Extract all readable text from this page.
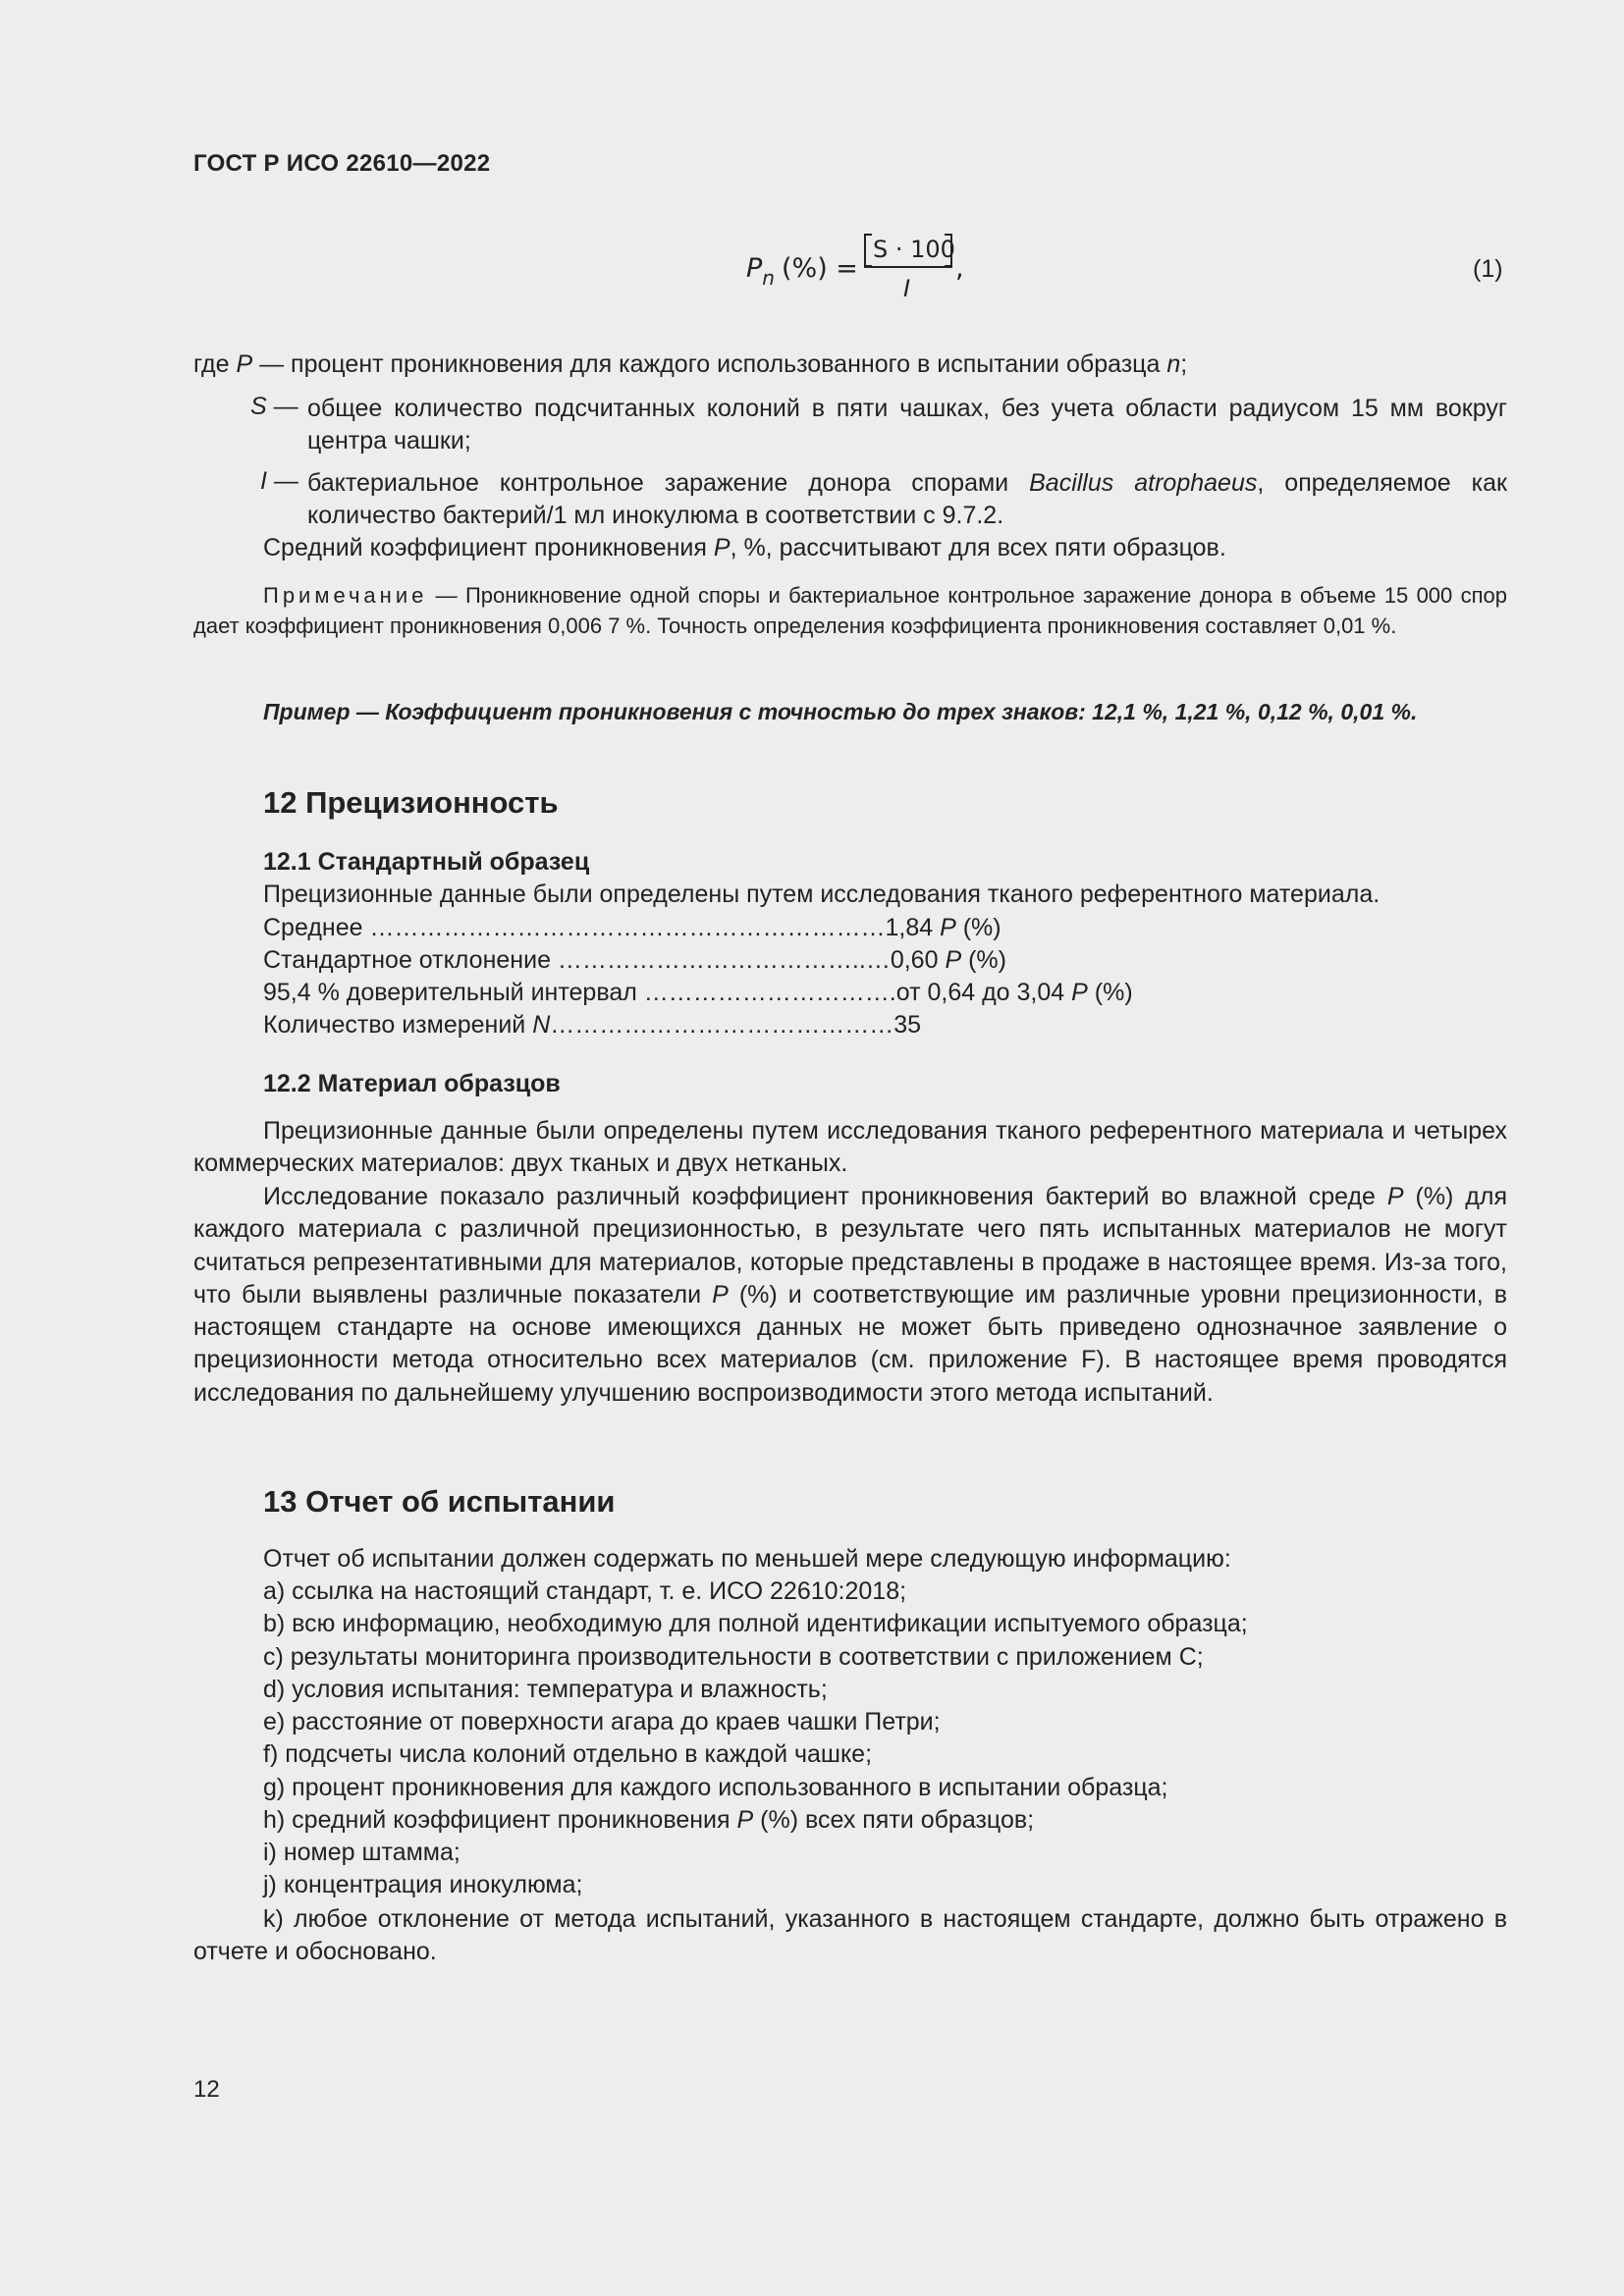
ГОСТ Р ИСО 22610—2022
$P_n$ (%) =
S · 100
I
,	(1)
где P — процент проникновения для каждого использованного в испытании образца n;
S — общее количество подсчитанных колоний в пяти чашках, без учета области радиусом 15 мм вокруг центра чашки;
I — бактериальное контрольное заражение донора спорами Bacillus atrophaeus, определяемое как количество бактерий/1 мл инокулюма в соответствии с 9.7.2.
Средний коэффициент проникновения P, %, рассчитывают для всех пяти образцов.
Примечание — Проникновение одной споры и бактериальное контрольное заражение донора в объеме 15 000 спор дает коэффициент проникновения 0,006 7 %. Точность определения коэффициента проникновения составляет 0,01 %.
Пример — Коэффициент проникновения с точностью до трех знаков: 12,1 %, 1,21 %, 0,12 %, 0,01 %.
12 Прецизионность
12.1 Стандартный образец
Прецизионные данные были определены путем исследования тканого референтного материала.
Среднее ………………………………………………………1,84 P (%)
Стандартное отклонение ………………………………..…0,60 P (%)
95,4 % доверительный интервал ………………………….от 0,64 до 3,04 P (%)
Количество измерений N……………………………………35
12.2 Материал образцов

Прецизионные данные были определены путем исследования тканого референтного материала и четырех коммерческих материалов: двух тканых и двух нетканых.

Исследование показало различный коэффициент проникновения бактерий во влажной среде P (%) для каждого материала с различной прецизионностью, в результате чего пять испытанных материалов не могут считаться репрезентативными для материалов, которые представлены в продаже в настоящее время. Из-за того, что были выявлены различные показатели P (%) и соответствующие им различные уровни прецизионности, в настоящем стандарте на основе имеющихся данных не может быть приведено однозначное заявление о прецизионности метода относительно всех материалов (см. приложение F). В настоящее время проводятся исследования по дальнейшему улучшению воспроизводимости этого метода испытаний.

13 Отчет об испытании
Отчет об испытании должен содержать по меньшей мере следующую информацию:
a) ссылка на настоящий стандарт, т. е. ИСО 22610:2018;
b) всю информацию, необходимую для полной идентификации испытуемого образца;
c) результаты мониторинга производительности в соответствии с приложением C;
d) условия испытания: температура и влажность;
e) расстояние от поверхности агара до краев чашки Петри;
f) подсчеты числа колоний отдельно в каждой чашке;
g) процент проникновения для каждого использованного в испытании образца;
h) средний коэффициент проникновения P (%) всех пяти образцов;
i) номер штамма;
j) концентрация инокулюма;

k) любое отклонение от метода испытаний, указанного в настоящем стандарте, должно быть отражено в отчете и обосновано.

12
